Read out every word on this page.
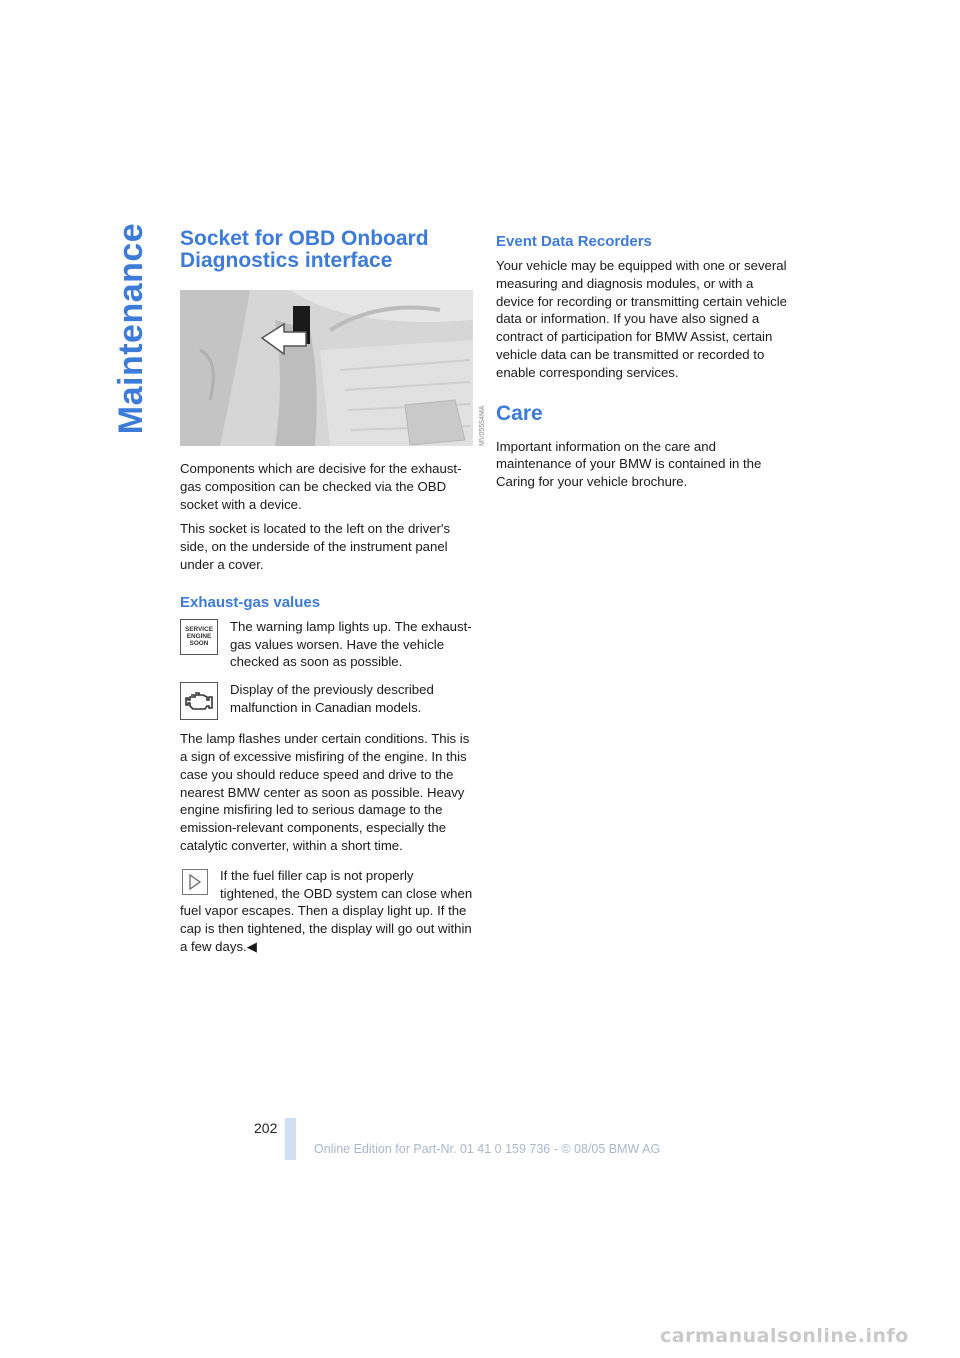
Maintenance Socket for OBD Onboard Diagnostics interface

Components which are decisive for the exhaust-gas composition can be checked via the OBD socket with a device.

This socket is located to the left on the driver's side, on the underside of the instrument panel under a cover.

Exhaust-gas values
SERVICE
ENGINE
SOON

The warning lamp lights up. The exhaust-gas values worsen. Have the vehicle checked as soon as possible.

Display of the previously described malfunction in Canadian models.

The lamp flashes under certain conditions. This is a sign of excessive misfiring of the engine. In this case you should reduce speed and drive to the nearest BMW center as soon as possible. Heavy engine misfiring led to serious damage to the emission-relevant components, especially the catalytic converter, within a short time.

If the fuel filler cap is not properly tightened, the OBD system can close when fuel vapor escapes. Then a display light up. If the cap is then tightened, the display will go out within a few days.◀

MV05554MA
Event Data Recorders

Your vehicle may be equipped with one or several measuring and diagnosis modules, or with a device for recording or transmitting certain vehicle data or information. If you have also signed a contract of participation for BMW Assist, certain vehicle data can be transmitted or recorded to enable corresponding services.

Care

Important information on the care and maintenance of your BMW is contained in the Caring for your vehicle brochure.

202
Online Edition for Part-Nr. 01 41 0 159 736 - © 08/05 BMW AG
carmanualsonline.info
